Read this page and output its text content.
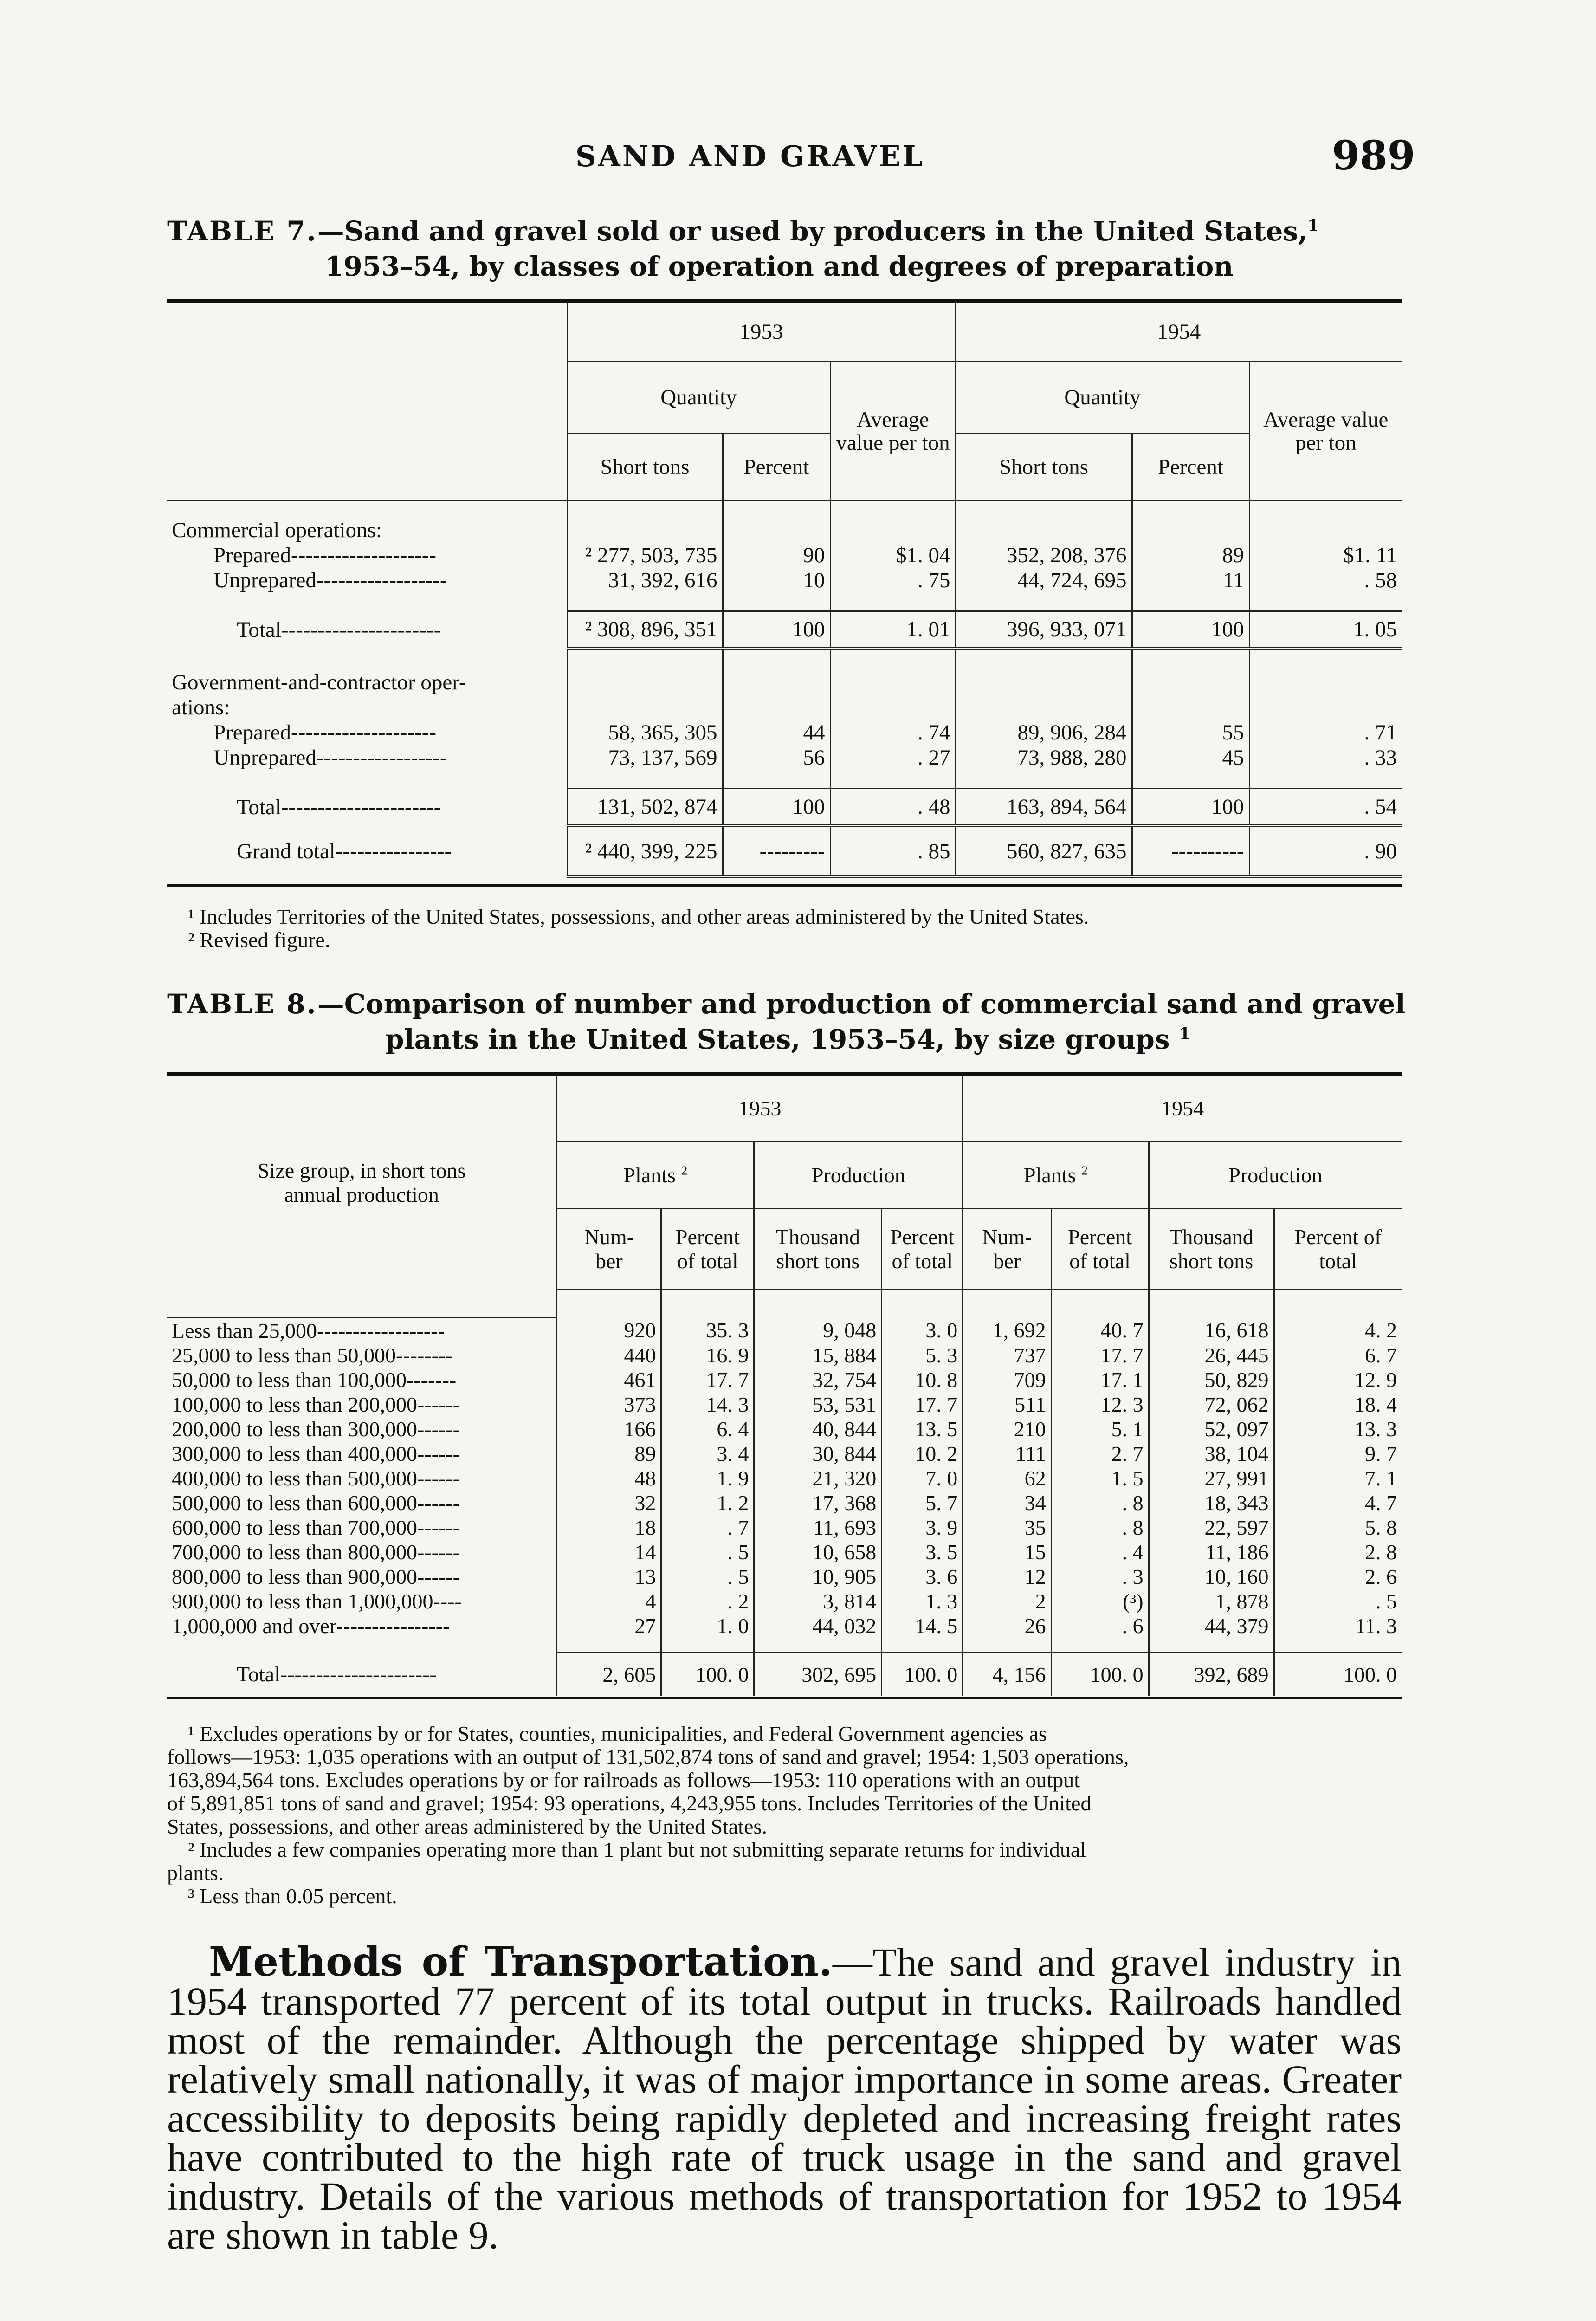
SAND AND GRAVEL	989
TABLE 7.—Sand and gravel sold or used by producers in the United States,$^1$
1953–54, by classes of operation and degrees of preparation
	1953			1954		
	Quantity		Average value per ton	Quantity		Average value per ton
	Short tons	Percent		Short tons	Percent	
Commercial operations:						
Prepared--------------------	² 277, 503, 735	90	$1. 04	352, 208, 376	89	$1. 11
Unprepared------------------	31, 392, 616	10	. 75	44, 724, 695	11	. 58

Total----------------------	² 308, 896, 351	100	1. 01	396, 933, 071	100	1. 05
Government-and-contractor oper-						
ations:						
Prepared--------------------	58, 365, 305	44	. 74	89, 906, 284	55	. 71
Unprepared------------------	73, 137, 569	56	. 27	73, 988, 280	45	. 33

Total----------------------	131, 502, 874	100	. 48	163, 894, 564	100	. 54
Grand total----------------	² 440, 399, 225	---------	. 85	560, 827, 635	----------	. 90

¹ Includes Territories of the United States, possessions, and other areas administered by the United States.
² Revised figure.
TABLE 8.—Comparison of number and production of commercial sand and gravel
plants in the United States, 1953–54, by size groups $^1$
Size group, in short tons
annual production	1953				1954			
	Plants $^2$		Production		Plants $^2$		Production	
	Num- ber	Percent of total	Thousand short tons	Percent of total	Num- ber	Percent of total	Thousand short tons	Percent of total

Less than 25,000------------------	920	35. 3	9, 048	3. 0	1, 692	40. 7	16, 618	4. 2
25,000 to less than 50,000--------	440	16. 9	15, 884	5. 3	737	17. 7	26, 445	6. 7
50,000 to less than 100,000-------	461	17. 7	32, 754	10. 8	709	17. 1	50, 829	12. 9
100,000 to less than 200,000------	373	14. 3	53, 531	17. 7	511	12. 3	72, 062	18. 4
200,000 to less than 300,000------	166	6. 4	40, 844	13. 5	210	5. 1	52, 097	13. 3
300,000 to less than 400,000------	89	3. 4	30, 844	10. 2	111	2. 7	38, 104	9. 7
400,000 to less than 500,000------	48	1. 9	21, 320	7. 0	62	1. 5	27, 991	7. 1
500,000 to less than 600,000------	32	1. 2	17, 368	5. 7	34	. 8	18, 343	4. 7
600,000 to less than 700,000------	18	. 7	11, 693	3. 9	35	. 8	22, 597	5. 8
700,000 to less than 800,000------	14	. 5	10, 658	3. 5	15	. 4	11, 186	2. 8
800,000 to less than 900,000------	13	. 5	10, 905	3. 6	12	. 3	10, 160	2. 6
900,000 to less than 1,000,000----	4	. 2	3, 814	1. 3	2	(³)	1, 878	. 5
1,000,000 and over----------------	27	1. 0	44, 032	14. 5	26	. 6	44, 379	11. 3

Total----------------------	2, 605	100. 0	302, 695	100. 0	4, 156	100. 0	392, 689	100. 0
¹ Excludes operations by or for States, counties, municipalities, and Federal Government agencies as
follows—1953: 1,035 operations with an output of 131,502,874 tons of sand and gravel; 1954: 1,503 operations,
163,894,564 tons. Excludes operations by or for railroads as follows—1953: 110 operations with an output
of 5,891,851 tons of sand and gravel; 1954: 93 operations, 4,243,955 tons. Includes Territories of the United
States, possessions, and other areas administered by the United States.
² Includes a few companies operating more than 1 plant but not submitting separate returns for individual
plants.
³ Less than 0.05 percent.
Methods of Transportation.—The sand and gravel industry in 1954 transported 77 percent of its total output in trucks. Railroads handled most of the remainder. Although the percentage shipped by water was relatively small nationally, it was of major importance in some areas. Greater accessibility to deposits being rapidly depleted and increasing freight rates have contributed to the high rate of truck usage in the sand and gravel industry. Details of the various methods of transportation for 1952 to 1954 are shown in table 9.
